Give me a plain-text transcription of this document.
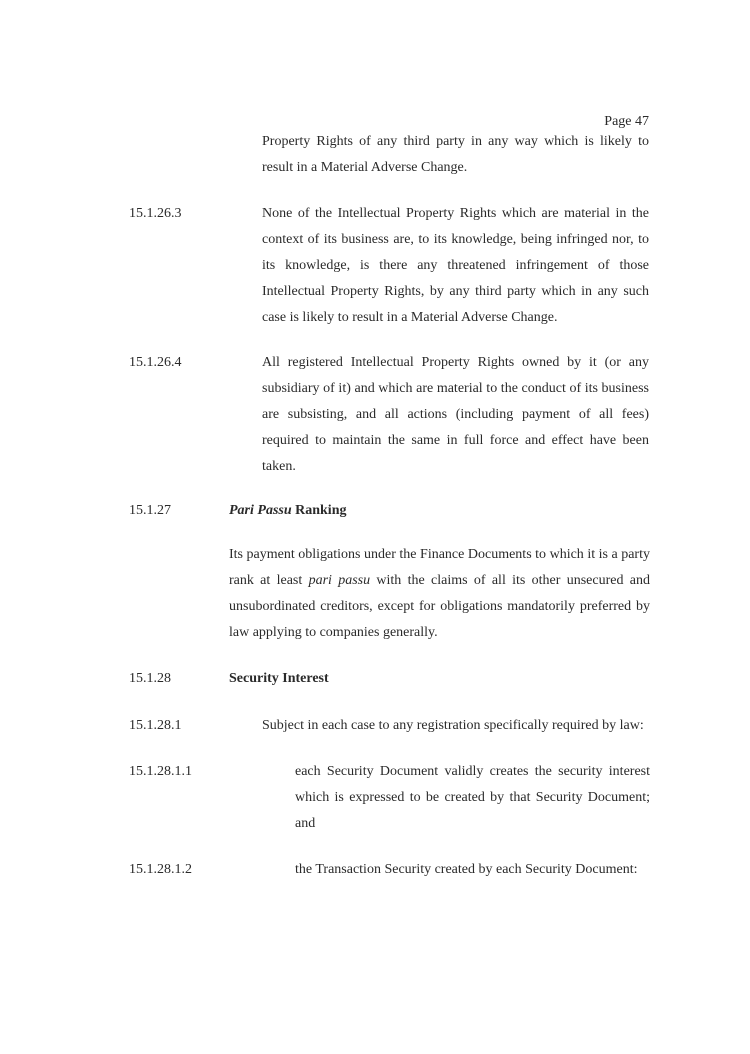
Page 47
Property Rights of any third party in any way which is likely to result in a Material Adverse Change.
15.1.26.3	None of the Intellectual Property Rights which are material in the context of its business are, to its knowledge, being infringed nor, to its knowledge, is there any threatened infringement of those Intellectual Property Rights, by any third party which in any such case is likely to result in a Material Adverse Change.
15.1.26.4	All registered Intellectual Property Rights owned by it (or any subsidiary of it) and which are material to the conduct of its business are subsisting, and all actions (including payment of all fees) required to maintain the same in full force and effect have been taken.
15.1.27	Pari Passu Ranking
Its payment obligations under the Finance Documents to which it is a party rank at least pari passu with the claims of all its other unsecured and unsubordinated creditors, except for obligations mandatorily preferred by law applying to companies generally.
15.1.28	Security Interest
15.1.28.1	Subject in each case to any registration specifically required by law:
15.1.28.1.1	each Security Document validly creates the security interest which is expressed to be created by that Security Document; and
15.1.28.1.2	the Transaction Security created by each Security Document:
